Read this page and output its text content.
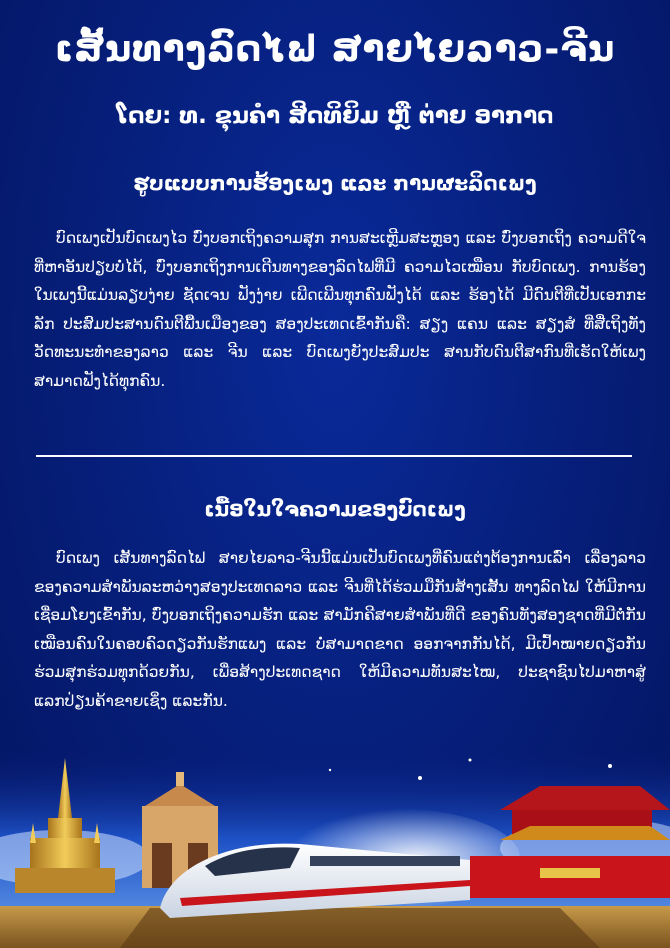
ເສັ້ນທາງລົດໄຟ ສາຍໄຍລາວ-ຈີນ
ໂດຍ: ທ. ຂຸນຄຳ ສິດທິຍິມ ຫຼື ຕ່າຍ ອາກາດ
ຮູບແບບການຮ້ອງເພງ ແລະ ການຜະລິດເພງ

ບົດເພງເປັນບົດເພງໄວ ບົ່ງບອກເຖິງຄວາມສຸກ ການສະເຫຼີມສະຫຼອງ ແລະ ບົ່ງບອກເຖິງ ຄວາມດີໃຈທີ່ຫາອັນປຽບບໍ່ໄດ້, ບົ່ງບອກເຖິງການເດີນທາງຂອງລົດໄຟທີ່ມີ ຄວາມໄວເໝືອນ ກັບບົດເພງ. ການຮ້ອງໃນເພງນີ້ແມ່ນລຽບງ່າຍ ຊັດເຈນ ຟັງງ່າຍ ເພີດເພີນທຸກຄົນຟັງໄດ້ ແລະ ຮ້ອງໄດ້ ມີດົນຕີທີ່ເປັນເອກກະລັກ ປະສົມປະສານດົນຕີພື້ນເມືອງຂອງ ສອງປະເທດເຂົ້າກັນຄື: ສຽງ ແຄນ ແລະ ສຽງສໍ ທີ່ສື່ເຖິງທັງວັດທະນະທຳຂອງລາວ ແລະ ຈີນ ແລະ ບົດເພງຍັງປະສົມປະ ສານກັບດົນຕີສາກົນທີ່ເຮັດໃຫ້ເພງສາມາດຟັງໄດ້ທຸກຄົນ.

ເນື້ອໃນໃຈຄວາມຂອງບົດເພງ

ບົດເພງ ເສັ້ນທາງລົດໄຟ ສາຍໄຍລາວ-ຈີນນີ້ແມ່ນເປັນບົດເພງທີ່ຄົນແຕ່ງຕ້ອງການເລົ່າ ເລື່ອງລາວຂອງຄວາມສຳພັນລະຫວ່າງສອງປະເທດລາວ ແລະ ຈີນທີ່ໄດ້ຮ່ວມມືກັນສ້າງເສັ້ນ ທາງລົດໄຟ ໃຫ້ມີການເຊື່ອມໂຍງເຂົ້າກັນ, ບົ່ງບອກເຖິງຄວາມຮັກ ແລະ ສາມັກຄີສາຍສຳພັນທີ່ດີ ຂອງຄົນທັງສອງຊາດທີ່ມີຕໍ່ກັນ ເໝືອນຄົນໃນຄອບຄົວດຽວກັນຮັກແພງ ແລະ ບໍ່ສາມາດຂາດ ອອກຈາກກັນໄດ້, ມີເປົ້າໝາຍດຽວກັນ ຮ່ວມສຸກຮ່ວມທຸກດ້ວຍກັນ, ເພື່ອສ້າງປະເທດຊາດ ໃຫ້ມີຄວາມທັນສະໄໝ, ປະຊາຊົນໄປມາຫາສູ່ແລກປ່ຽນຄ້າຂາຍເຊິ່ງ ແລະກັນ.
